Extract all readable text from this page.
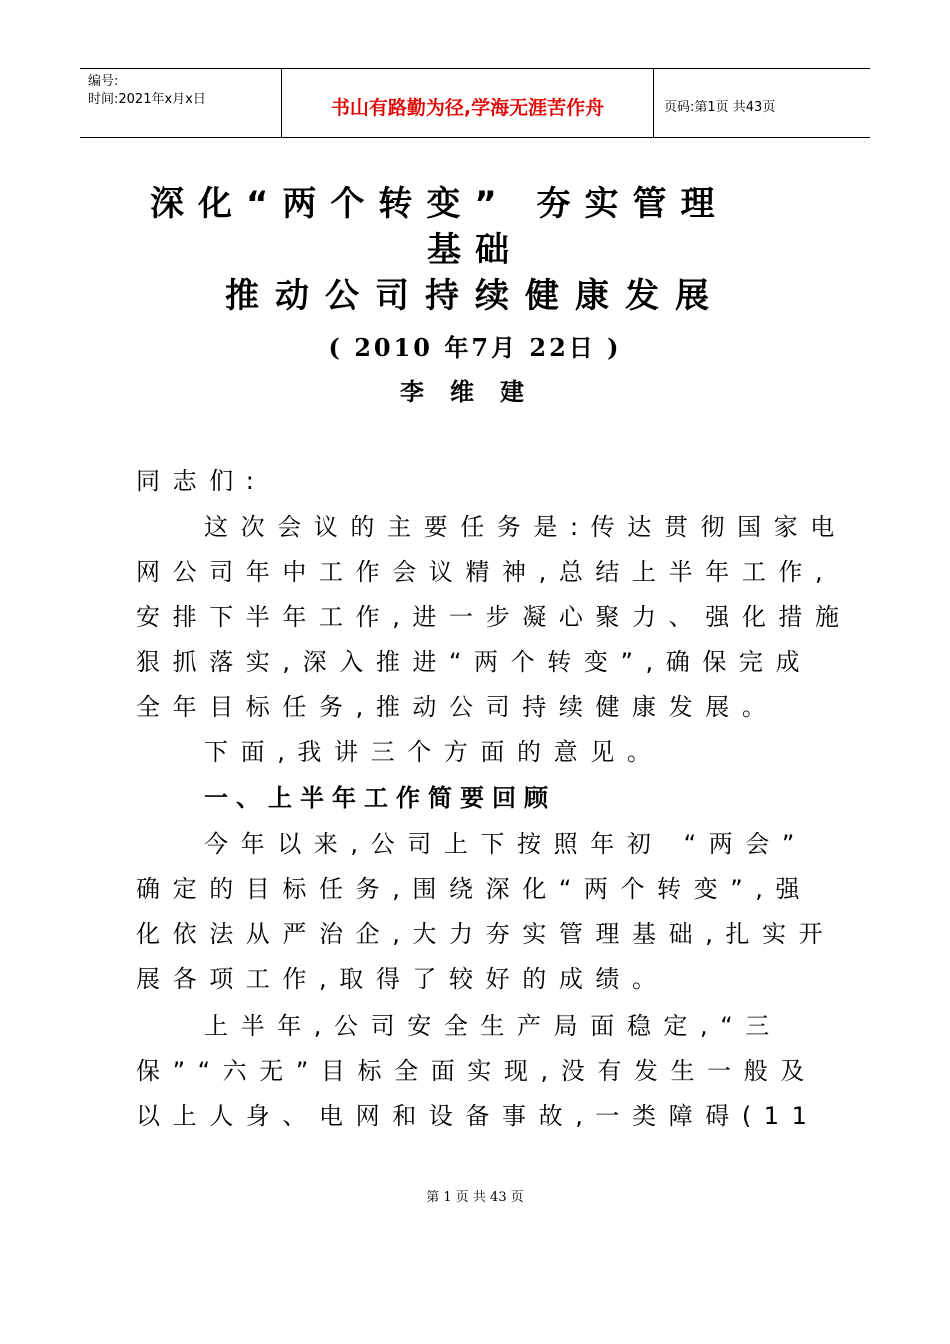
编号:
时间:2021年x月x日	书山有路勤为径,学海无涯苦作舟	页码:第1页 共43页
深化“两个转变” 夯实管理
基础
推动公司持续健康发展
( 2010 年7月 22日 )
李维建
同志们:
这次会议的主要任务是:传达贯彻国家电
网公司年中工作会议精神,总结上半年工作,
安排下半年工作,进一步凝心聚力、强化措施
狠抓落实,深入推进“两个转变”,确保完成
全年目标任务,推动公司持续健康发展。
下面,我讲三个方面的意见。
一、上半年工作简要回顾
今年以来,公司上下按照年初 “两会”
确定的目标任务,围绕深化“两个转变”,强
化依法从严治企,大力夯实管理基础,扎实开
展各项工作,取得了较好的成绩。
上半年,公司安全生产局面稳定,“三
保”“六无”目标全面实现,没有发生一般及
以上人身、电网和设备事故,一类障碍(11
第 1 页 共 43 页
